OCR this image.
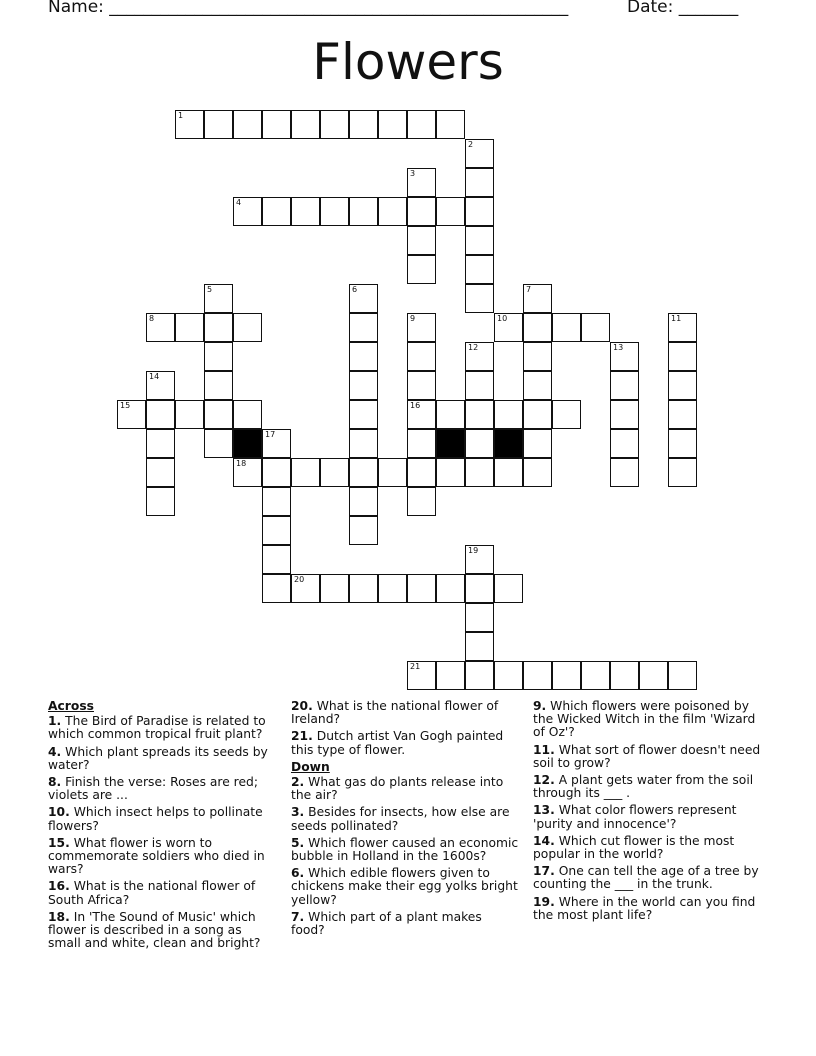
Name: ______________________________________________________	Date: _______
Flowers
1
2
3
4
5	6	7
8	9
16
10	11
12	13
14
15
17
18
19
20
21
Across
1. The Bird of Paradise is related to which common tropical fruit plant?
4. Which plant spreads its seeds by water?
8. Finish the verse: Roses are red; violets are ...
10. Which insect helps to pollinate flowers?
15. What flower is worn to commemorate soldiers who died in wars?
16. What is the national flower of South Africa?
18. In 'The Sound of Music' which flower is described in a song as small and white, clean and bright?
20. What is the national flower of Ireland?
21. Dutch artist Van Gogh painted this type of flower.
Down
2. What gas do plants release into the air?
3. Besides for insects, how else are seeds pollinated?
5. Which flower caused an economic bubble in Holland in the 1600s?
6. Which edible flowers given to chickens make their egg yolks bright yellow?
7. Which part of a plant makes food?
9. Which flowers were poisoned by the Wicked Witch in the film 'Wizard of Oz'?
11. What sort of flower doesn't need soil to grow?
12. A plant gets water from the soil through its ___ .
13. What color flowers represent 'purity and innocence'?
14. Which cut flower is the most popular in the world?
17. One can tell the age of a tree by counting the ___ in the trunk.
19. Where in the world can you find the most plant life?
